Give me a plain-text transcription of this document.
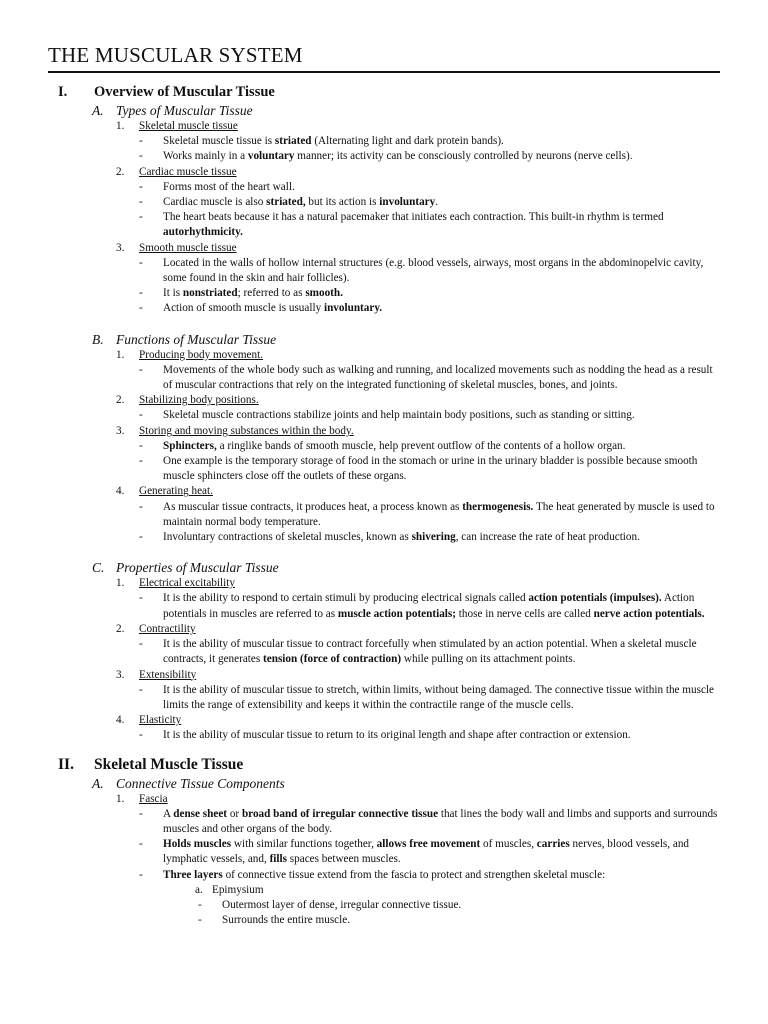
THE MUSCULAR SYSTEM
I.	Overview of Muscular Tissue
A. Types of Muscular Tissue
1.	Skeletal muscle tissue
-	Skeletal muscle tissue is striated (Alternating light and dark protein bands).
-	Works mainly in a voluntary manner; its activity can be consciously controlled by neurons (nerve cells).
2.	Cardiac muscle tissue
-	Forms most of the heart wall.
-	Cardiac muscle is also striated, but its action is involuntary.
-	The heart beats because it has a natural pacemaker that initiates each contraction. This built-in rhythm is termed autorhythmicity.
3.	Smooth muscle tissue
-	Located in the walls of hollow internal structures (e.g. blood vessels, airways, most organs in the abdominopelvic cavity, some found in the skin and hair follicles).
-	It is nonstriated; referred to as smooth.
-	Action of smooth muscle is usually involuntary.
B. Functions of Muscular Tissue
1.	Producing body movement.
-	Movements of the whole body such as walking and running, and localized movements such as nodding the head as a result of muscular contractions that rely on the integrated functioning of skeletal muscles, bones, and joints.
2.	Stabilizing body positions.
-	Skeletal muscle contractions stabilize joints and help maintain body positions, such as standing or sitting.
3.	Storing and moving substances within the body.
-	Sphincters, a ringlike bands of smooth muscle, help prevent outflow of the contents of a hollow organ.
-	One example is the temporary storage of food in the stomach or urine in the urinary bladder is possible because smooth muscle sphincters close off the outlets of these organs.
4.	Generating heat.
-	As muscular tissue contracts, it produces heat, a process known as thermogenesis. The heat generated by muscle is used to maintain normal body temperature.
-	Involuntary contractions of skeletal muscles, known as shivering, can increase the rate of heat production.
C. Properties of Muscular Tissue
1.	Electrical excitability
-	It is the ability to respond to certain stimuli by producing electrical signals called action potentials (impulses). Action potentials in muscles are referred to as muscle action potentials; those in nerve cells are called nerve action potentials.
2.	Contractility
-	It is the ability of muscular tissue to contract forcefully when stimulated by an action potential. When a skeletal muscle contracts, it generates tension (force of contraction) while pulling on its attachment points.
3.	Extensibility
-	It is the ability of muscular tissue to stretch, within limits, without being damaged. The connective tissue within the muscle limits the range of extensibility and keeps it within the contractile range of the muscle cells.
4.	Elasticity
-	It is the ability of muscular tissue to return to its original length and shape after contraction or extension.
II.	Skeletal Muscle Tissue
A. Connective Tissue Components
1.	Fascia
-	A dense sheet or broad band of irregular connective tissue that lines the body wall and limbs and supports and surrounds muscles and other organs of the body.
-	Holds muscles with similar functions together, allows free movement of muscles, carries nerves, blood vessels, and lymphatic vessels, and, fills spaces between muscles.
-	Three layers of connective tissue extend from the fascia to protect and strengthen skeletal muscle:
a. Epimysium
-	Outermost layer of dense, irregular connective tissue.
-	Surrounds the entire muscle.
